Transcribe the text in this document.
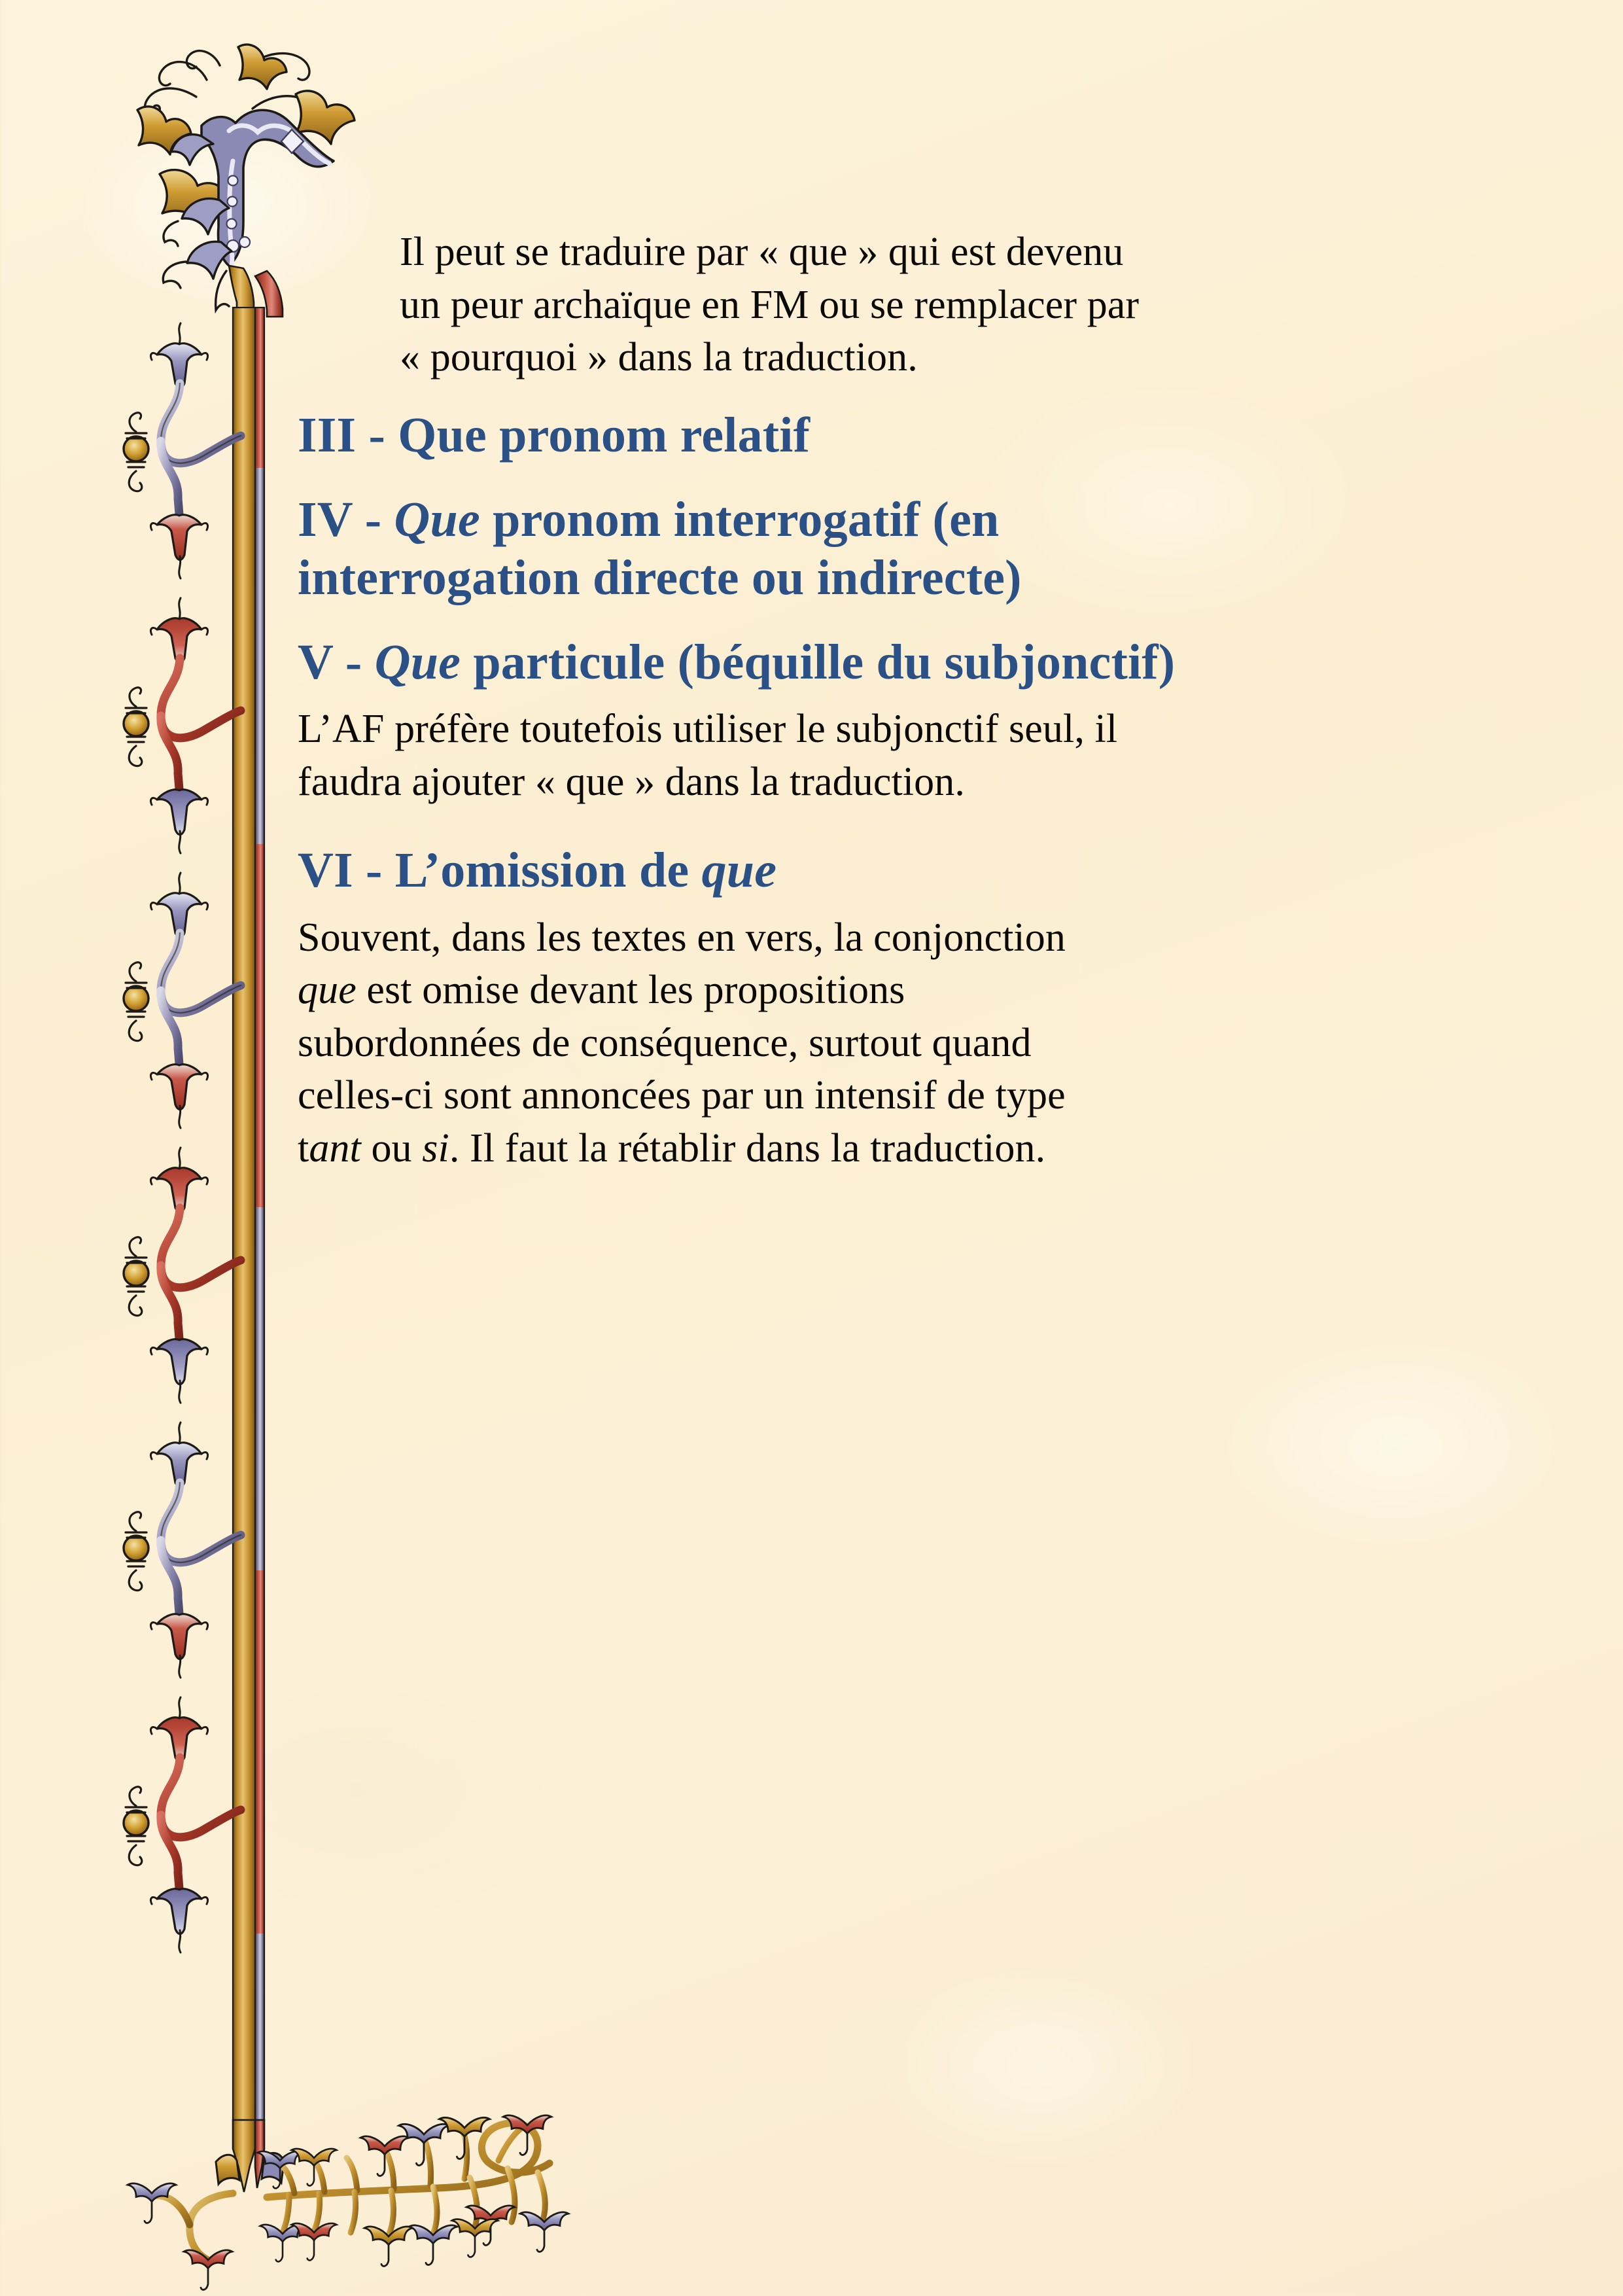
Il peut se traduire par « que » qui est devenu
un peur archaïque en FM ou se remplacer par
« pourquoi » dans la traduction.

III - Que pronom relatif
IV - Que pronom interrogatif (en
interrogation directe ou indirecte)
V - Que particule (béquille du subjonctif)

L’AF préfère toutefois utiliser le subjonctif seul, il
faudra ajouter « que » dans la traduction.

VI - L’omission de que

Souvent, dans les textes en vers, la conjonction
que est omise devant les propositions
subordonnées de conséquence, surtout quand
celles-ci sont annoncées par un intensif de type
tant ou si. Il faut la rétablir dans la traduction.
